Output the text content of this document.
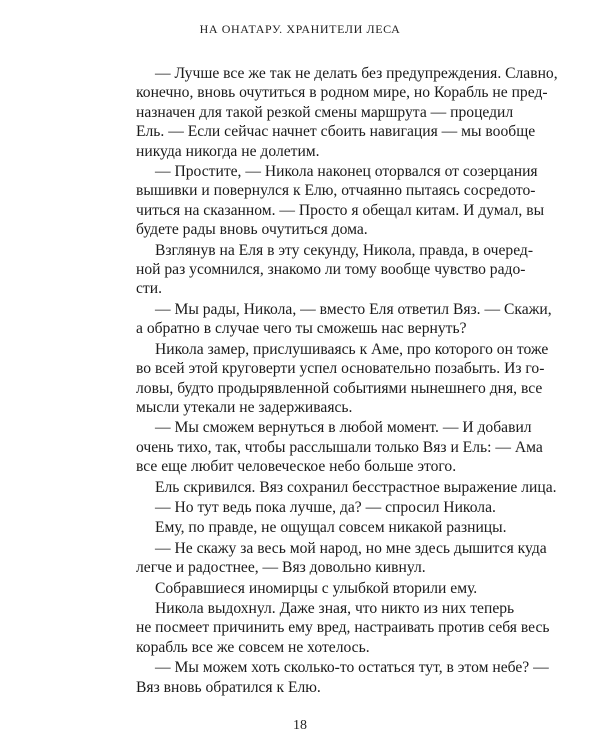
НА ОНАТАРУ. ХРАНИТЕЛИ ЛЕСА

— Лучше все же так не делать без предупреждения. Славно,
конечно, вновь очутиться в родном мире, но Корабль не пред-
назначен для такой резкой смены маршрута — процедил
Ель. — Если сейчас начнет сбоить навигация — мы вообще
никуда никогда не долетим.

— Простите, — Никола наконец оторвался от созерцания
вышивки и повернулся к Елю, отчаянно пытаясь сосредото-
читься на сказанном. — Просто я обещал китам. И думал, вы
будете рады вновь очутиться дома.

Взглянув на Еля в эту секунду, Никола, правда, в очеред-
ной раз усомнился, знакомо ли тому вообще чувство радо-
сти.

— Мы рады, Никола, — вместо Еля ответил Вяз. — Скажи,
а обратно в случае чего ты сможешь нас вернуть?

Никола замер, прислушиваясь к Аме, про которого он тоже
во всей этой круговерти успел основательно позабыть. Из го-
ловы, будто продырявленной событиями нынешнего дня, все
мысли утекали не задерживаясь.

— Мы сможем вернуться в любой момент. — И добавил
очень тихо, так, чтобы расслышали только Вяз и Ель: — Ама
все еще любит человеческое небо больше этого.

Ель скривился. Вяз сохранил бесстрастное выражение лица.

— Но тут ведь пока лучше, да? — спросил Никола.

Ему, по правде, не ощущал совсем никакой разницы.

— Не скажу за весь мой народ, но мне здесь дышится куда
легче и радостнее, — Вяз довольно кивнул.

Собравшиеся иномирцы с улыбкой вторили ему.

Никола выдохнул. Даже зная, что никто из них теперь
не посмеет причинить ему вред, настраивать против себя весь
корабль все же совсем не хотелось.

— Мы можем хоть сколько-то остаться тут, в этом небе? —
Вяз вновь обратился к Елю.

18
